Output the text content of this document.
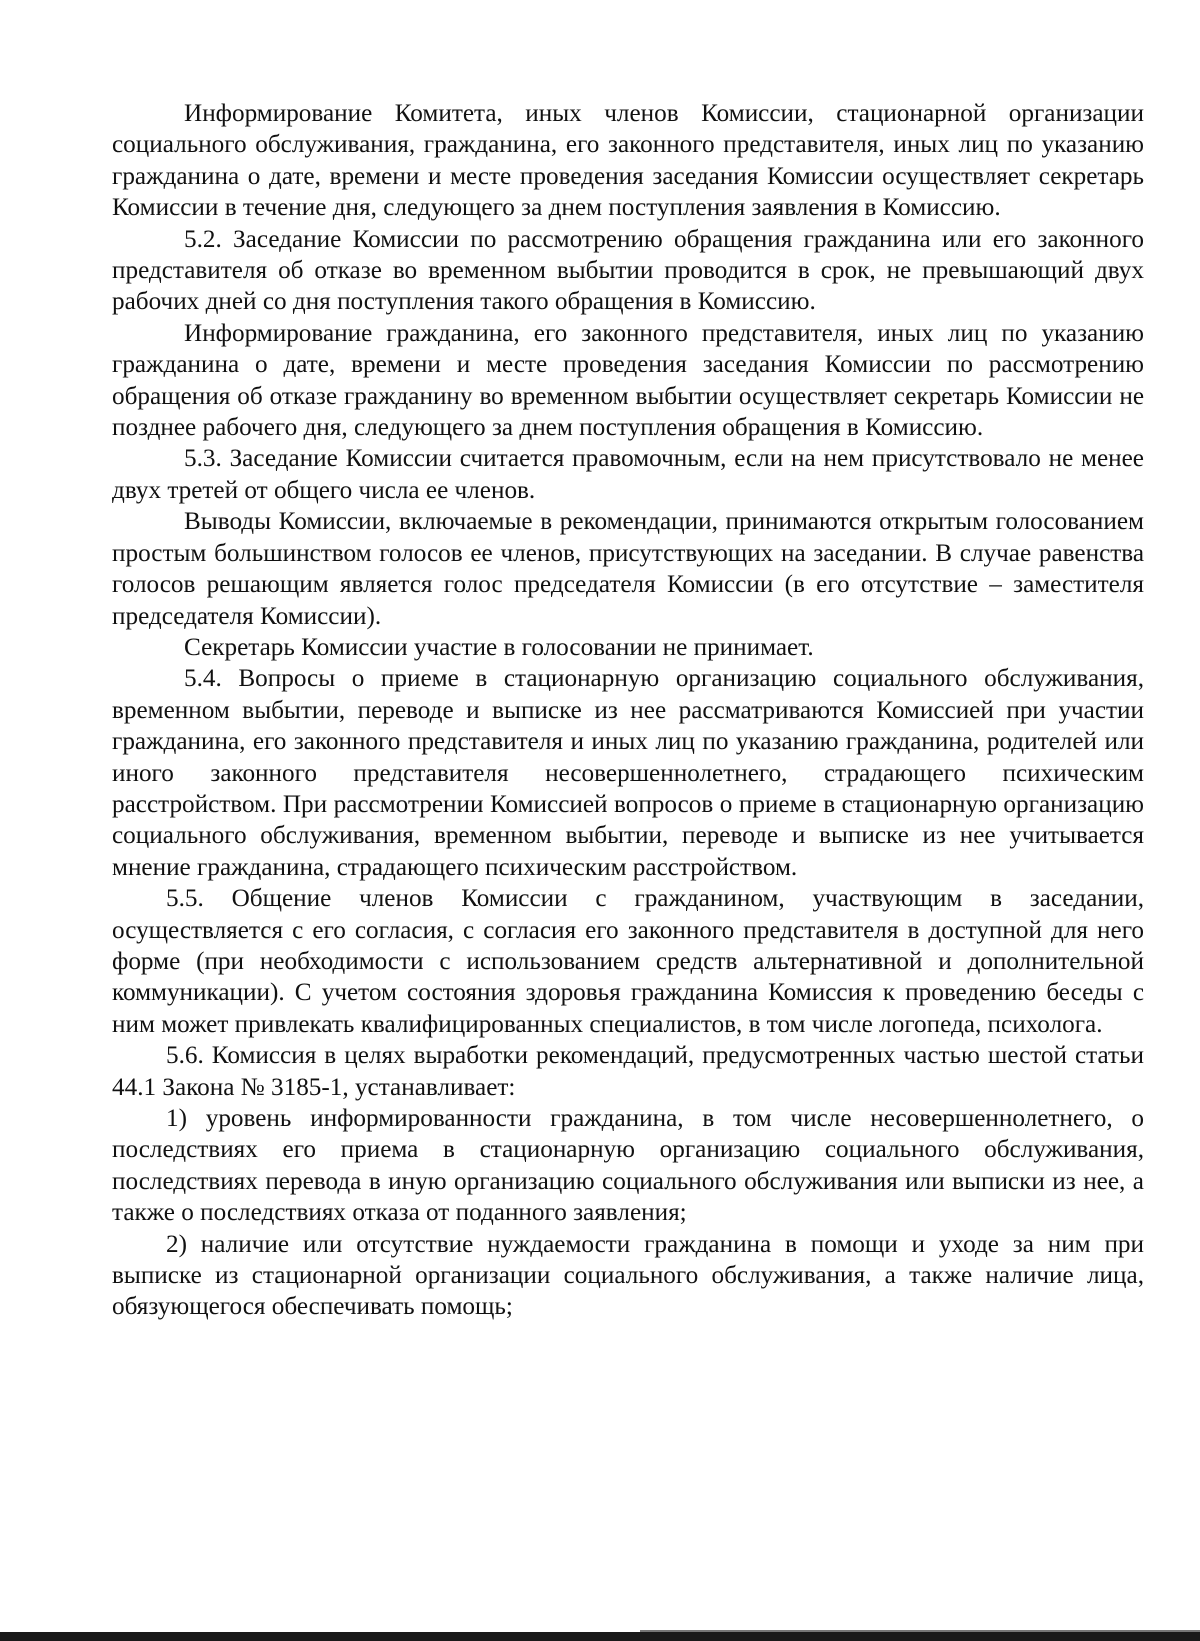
Информирование Комитета, иных членов Комиссии, стационарной организации социального обслуживания, гражданина, его законного представителя, иных лиц по указанию гражданина о дате, времени и месте проведения заседания Комиссии осуществляет секретарь Комиссии в течение дня, следующего за днем поступления заявления в Комиссию.

5.2. Заседание Комиссии по рассмотрению обращения гражданина или его законного представителя об отказе во временном выбытии проводится в срок, не превышающий двух рабочих дней со дня поступления такого обращения в Комиссию.

Информирование гражданина, его законного представителя, иных лиц по указанию гражданина о дате, времени и месте проведения заседания Комиссии по рассмотрению обращения об отказе гражданину во временном выбытии осуществляет секретарь Комиссии не позднее рабочего дня, следующего за днем поступления обращения в Комиссию.

5.3. Заседание Комиссии считается правомочным, если на нем присутствовало не менее двух третей от общего числа ее членов.

Выводы Комиссии, включаемые в рекомендации, принимаются открытым голосованием простым большинством голосов ее членов, присутствующих на заседании. В случае равенства голосов решающим является голос председателя Комиссии (в его отсутствие – заместителя председателя Комиссии).

Секретарь Комиссии участие в голосовании не принимает.

5.4. Вопросы о приеме в стационарную организацию социального обслуживания, временном выбытии, переводе и выписке из нее рассматриваются Комиссией при участии гражданина, его законного представителя и иных лиц по указанию гражданина, родителей или иного законного представителя несовершеннолетнего, страдающего психическим расстройством. При рассмотрении Комиссией вопросов о приеме в стационарную организацию социального обслуживания, временном выбытии, переводе и выписке из нее учитывается мнение гражданина, страдающего психическим расстройством.

5.5. Общение членов Комиссии с гражданином, участвующим в заседании, осуществляется с его согласия, с согласия его законного представителя в доступной для него форме (при необходимости с использованием средств альтернативной и дополнительной коммуникации). С учетом состояния здоровья гражданина Комиссия к проведению беседы с ним может привлекать квалифицированных специалистов, в том числе логопеда, психолога.

5.6. Комиссия в целях выработки рекомендаций, предусмотренных частью шестой статьи 44.1 Закона № 3185-1, устанавливает:

1) уровень информированности гражданина, в том числе несовершеннолетнего, о последствиях его приема в стационарную организацию социального обслуживания, последствиях перевода в иную организацию социального обслуживания или выписки из нее, а также о последствиях отказа от поданного заявления;

2) наличие или отсутствие нуждаемости гражданина в помощи и уходе за ним при выписке из стационарной организации социального обслуживания, а также наличие лица, обязующегося обеспечивать помощь;
